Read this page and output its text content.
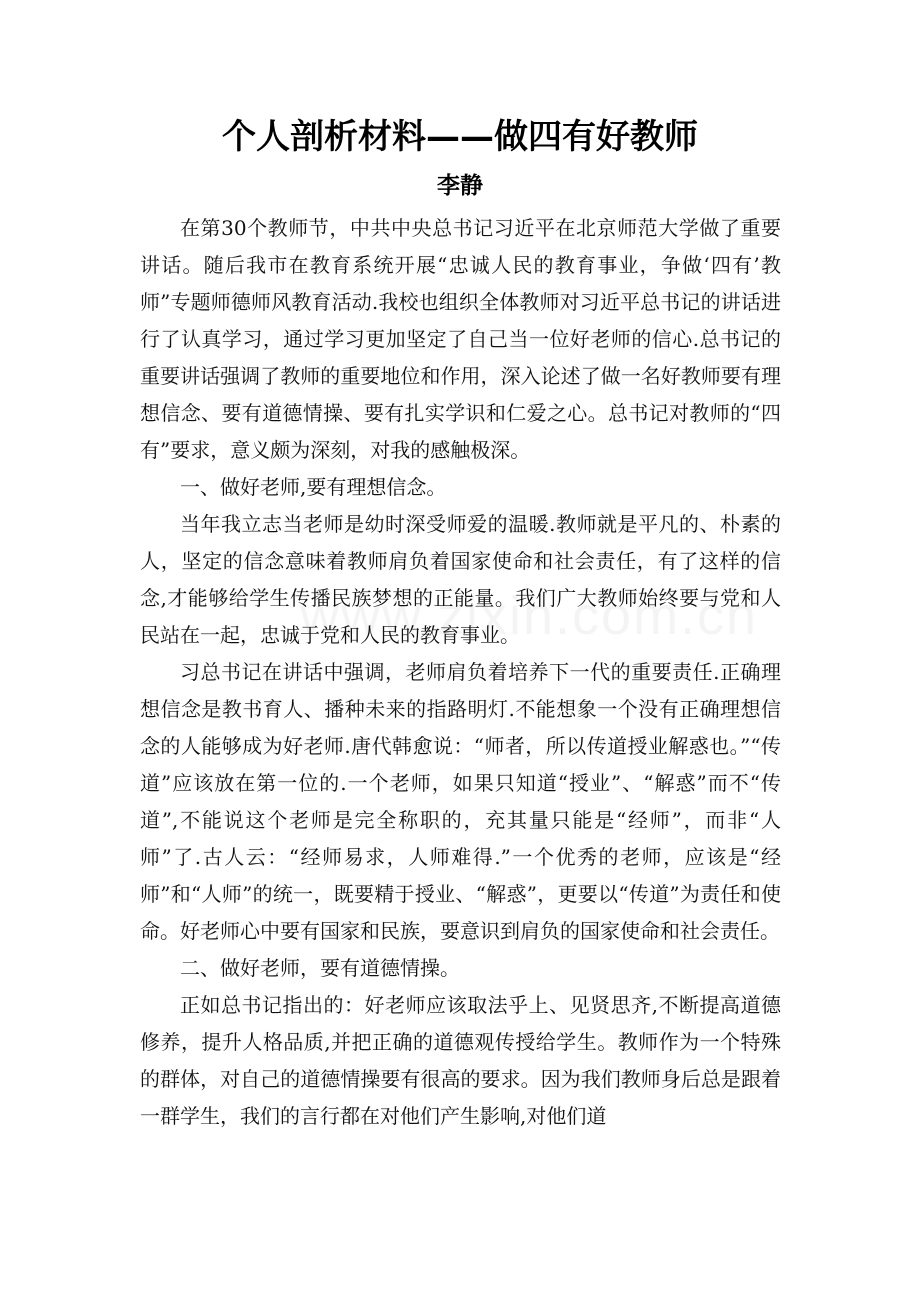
个人剖析材料——做四有好教师
李静

在第30个教师节，中共中央总书记习近平在北京师范大学做了重要讲话。随后我市在教育系统开展“忠诚人民的教育事业，争做‘四有’教师”专题师德师风教育活动.我校也组织全体教师对习近平总书记的讲话进行了认真学习，通过学习更加坚定了自己当一位好老师的信心.总书记的重要讲话强调了教师的重要地位和作用，深入论述了做一名好教师要有理想信念、要有道德情操、要有扎实学识和仁爱之心。总书记对教师的“四有”要求，意义颇为深刻，对我的感触极深。

一、做好老师,要有理想信念。

当年我立志当老师是幼时深受师爱的温暖.教师就是平凡的、朴素的人，坚定的信念意味着教师肩负着国家使命和社会责任，有了这样的信念,才能够给学生传播民族梦想的正能量。我们广大教师始终要与党和人民站在一起，忠诚于党和人民的教育事业。

习总书记在讲话中强调，老师肩负着培养下一代的重要责任.正确理想信念是教书育人、播种未来的指路明灯.不能想象一个没有正确理想信念的人能够成为好老师.唐代韩愈说：“师者，所以传道授业解惑也。”“传道”应该放在第一位的.一个老师，如果只知道“授业”、“解惑”而不“传道”,不能说这个老师是完全称职的，充其量只能是“经师”，而非“人师”了.古人云：“经师易求，人师难得.”一个优秀的老师，应该是“经师”和“人师”的统一，既要精于授业、“解惑”，更要以“传道”为责任和使命。好老师心中要有国家和民族，要意识到肩负的国家使命和社会责任。

二、做好老师，要有道德情操。

正如总书记指出的：好老师应该取法乎上、见贤思齐,不断提高道德修养，提升人格品质,并把正确的道德观传授给学生。教师作为一个特殊的群体，对自己的道德情操要有很高的要求。因为我们教师身后总是跟着一群学生，我们的言行都在对他们产生影响,对他们道
